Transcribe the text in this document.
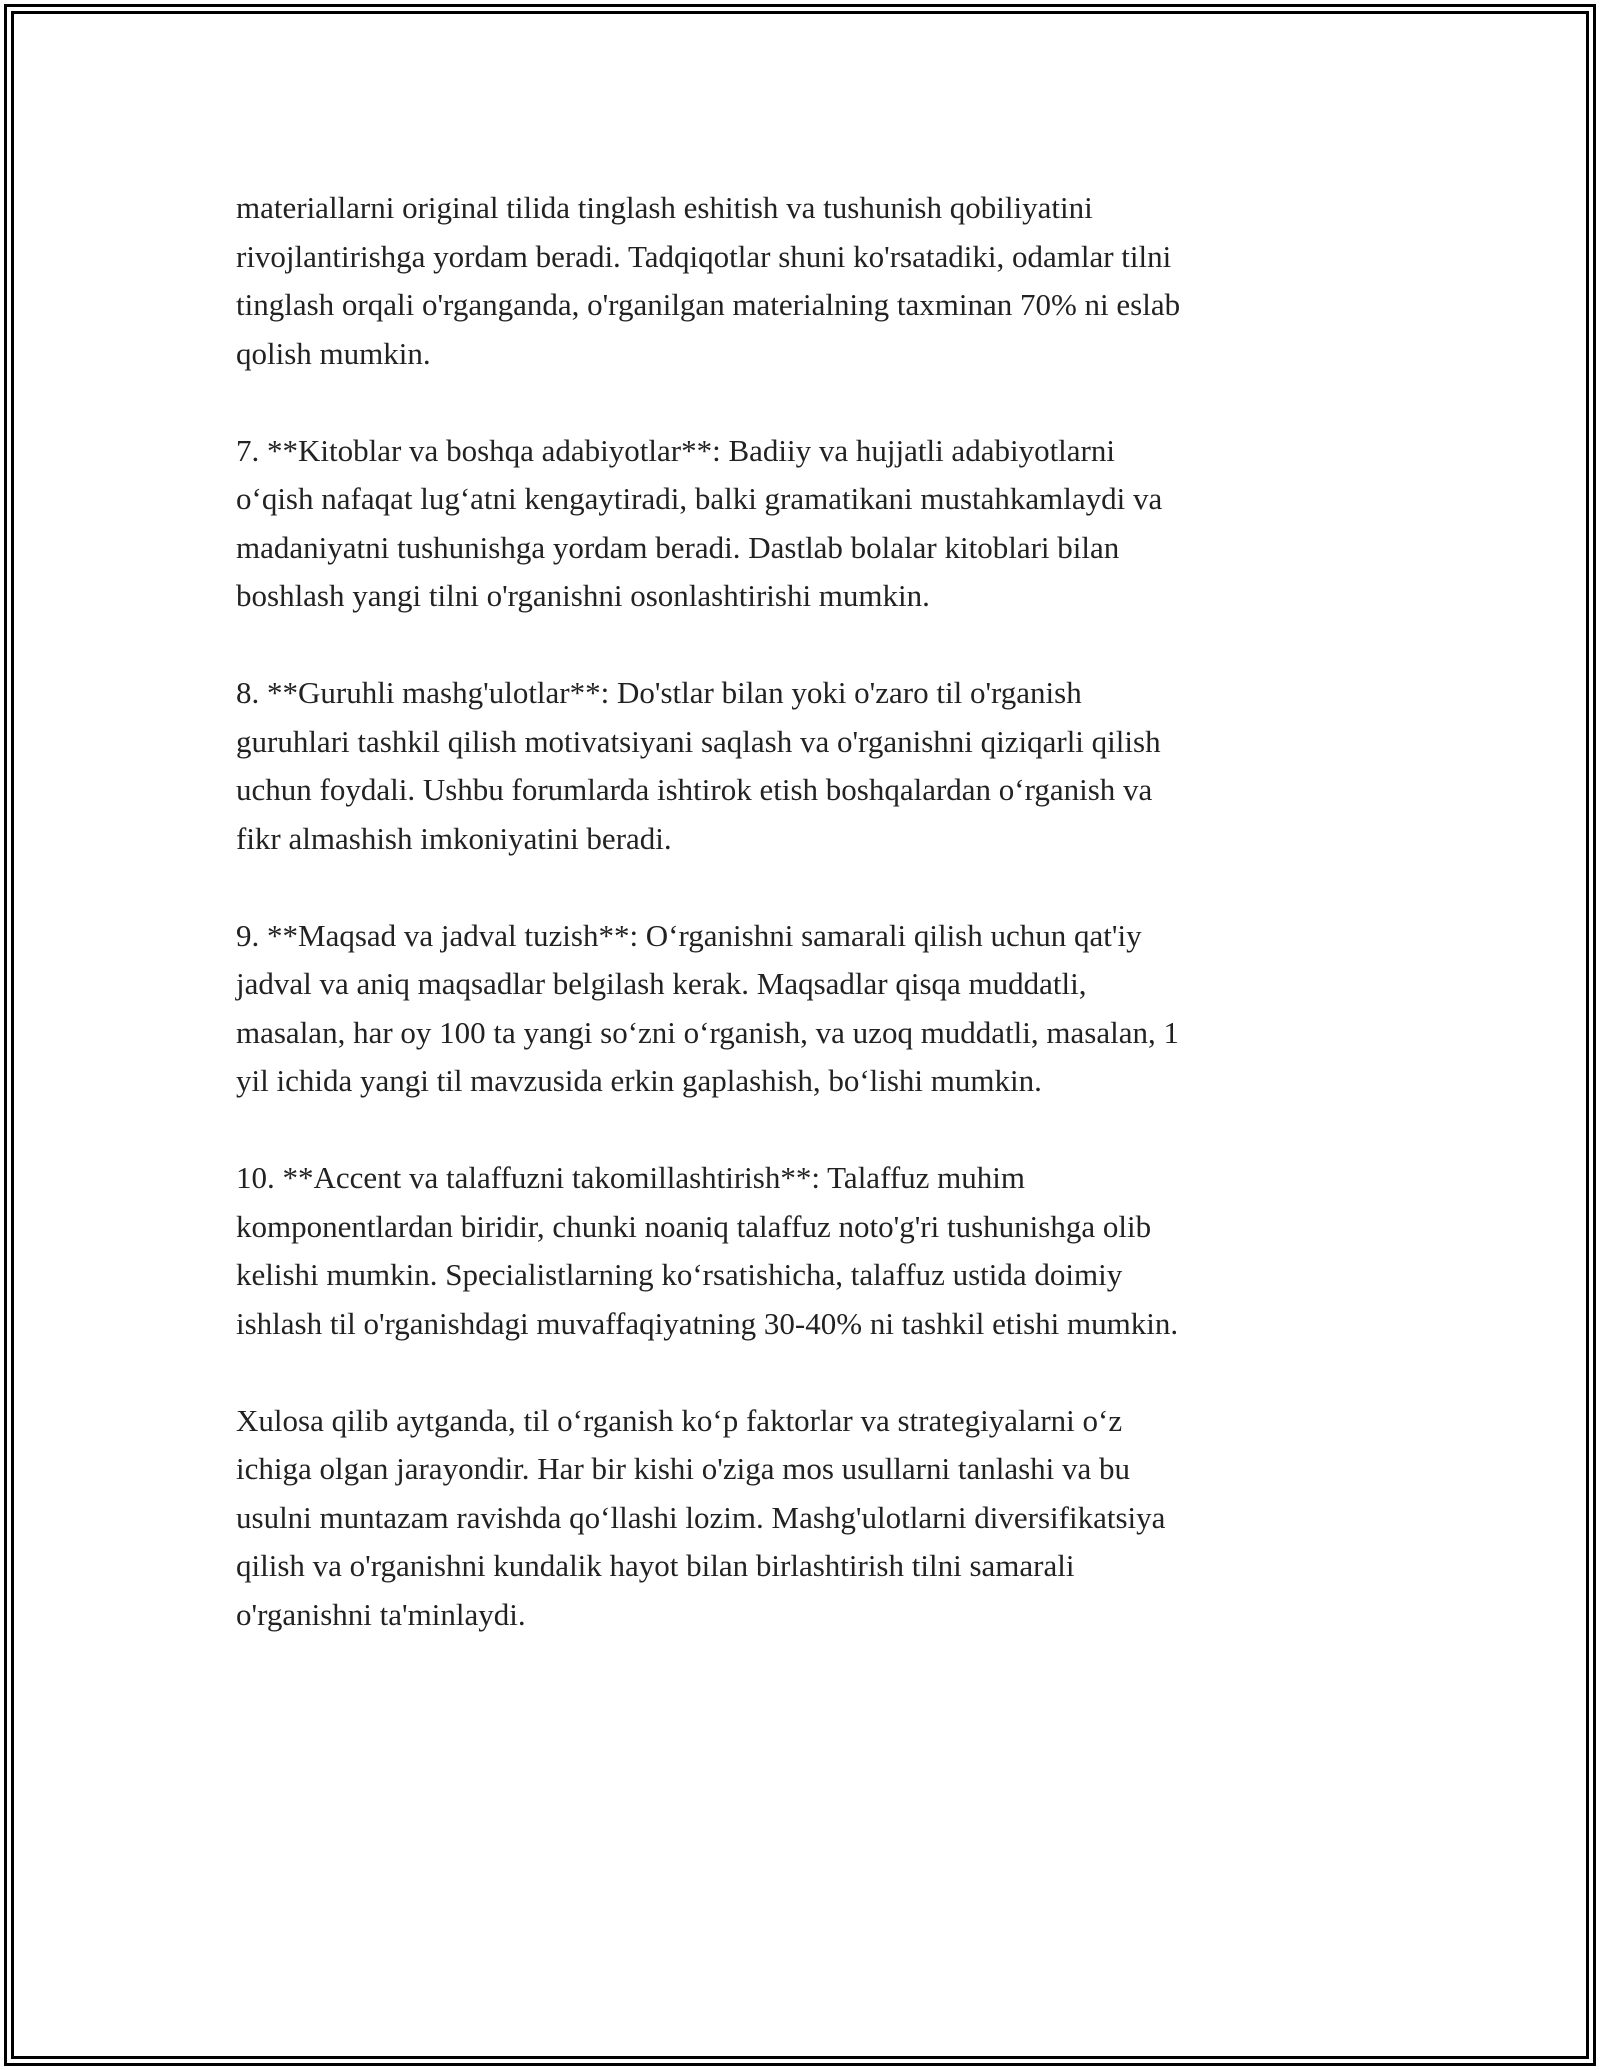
materiallarni original tilida tinglash eshitish va tushunish qobiliyatini
rivojlantirishga yordam beradi. Tadqiqotlar shuni ko'rsatadiki, odamlar tilni
tinglash orqali o'rganganda, o'rganilgan materialning taxminan 70% ni eslab
qolish mumkin.

7. **Kitoblar va boshqa adabiyotlar**: Badiiy va hujjatli adabiyotlarni
o‘qish nafaqat lug‘atni kengaytiradi, balki gramatikani mustahkamlaydi va
madaniyatni tushunishga yordam beradi. Dastlab bolalar kitoblari bilan
boshlash yangi tilni o'rganishni osonlashtirishi mumkin.

8. **Guruhli mashg'ulotlar**: Do'stlar bilan yoki o'zaro til o'rganish
guruhlari tashkil qilish motivatsiyani saqlash va o'rganishni qiziqarli qilish
uchun foydali. Ushbu forumlarda ishtirok etish boshqalardan o‘rganish va
fikr almashish imkoniyatini beradi.

9. **Maqsad va jadval tuzish**: O‘rganishni samarali qilish uchun qat'iy
jadval va aniq maqsadlar belgilash kerak. Maqsadlar qisqa muddatli,
masalan, har oy 100 ta yangi so‘zni o‘rganish, va uzoq muddatli, masalan, 1
yil ichida yangi til mavzusida erkin gaplashish, bo‘lishi mumkin.

10. **Accent va talaffuzni takomillashtirish**: Talaffuz muhim
komponentlardan biridir, chunki noaniq talaffuz noto'g'ri tushunishga olib
kelishi mumkin. Specialistlarning ko‘rsatishicha, talaffuz ustida doimiy
ishlash til o'rganishdagi muvaffaqiyatning 30-40% ni tashkil etishi mumkin.

Xulosa qilib aytganda, til o‘rganish ko‘p faktorlar va strategiyalarni o‘z
ichiga olgan jarayondir. Har bir kishi o'ziga mos usullarni tanlashi va bu
usulni muntazam ravishda qo‘llashi lozim. Mashg'ulotlarni diversifikatsiya
qilish va o'rganishni kundalik hayot bilan birlashtirish tilni samarali
o'rganishni ta'minlaydi.
